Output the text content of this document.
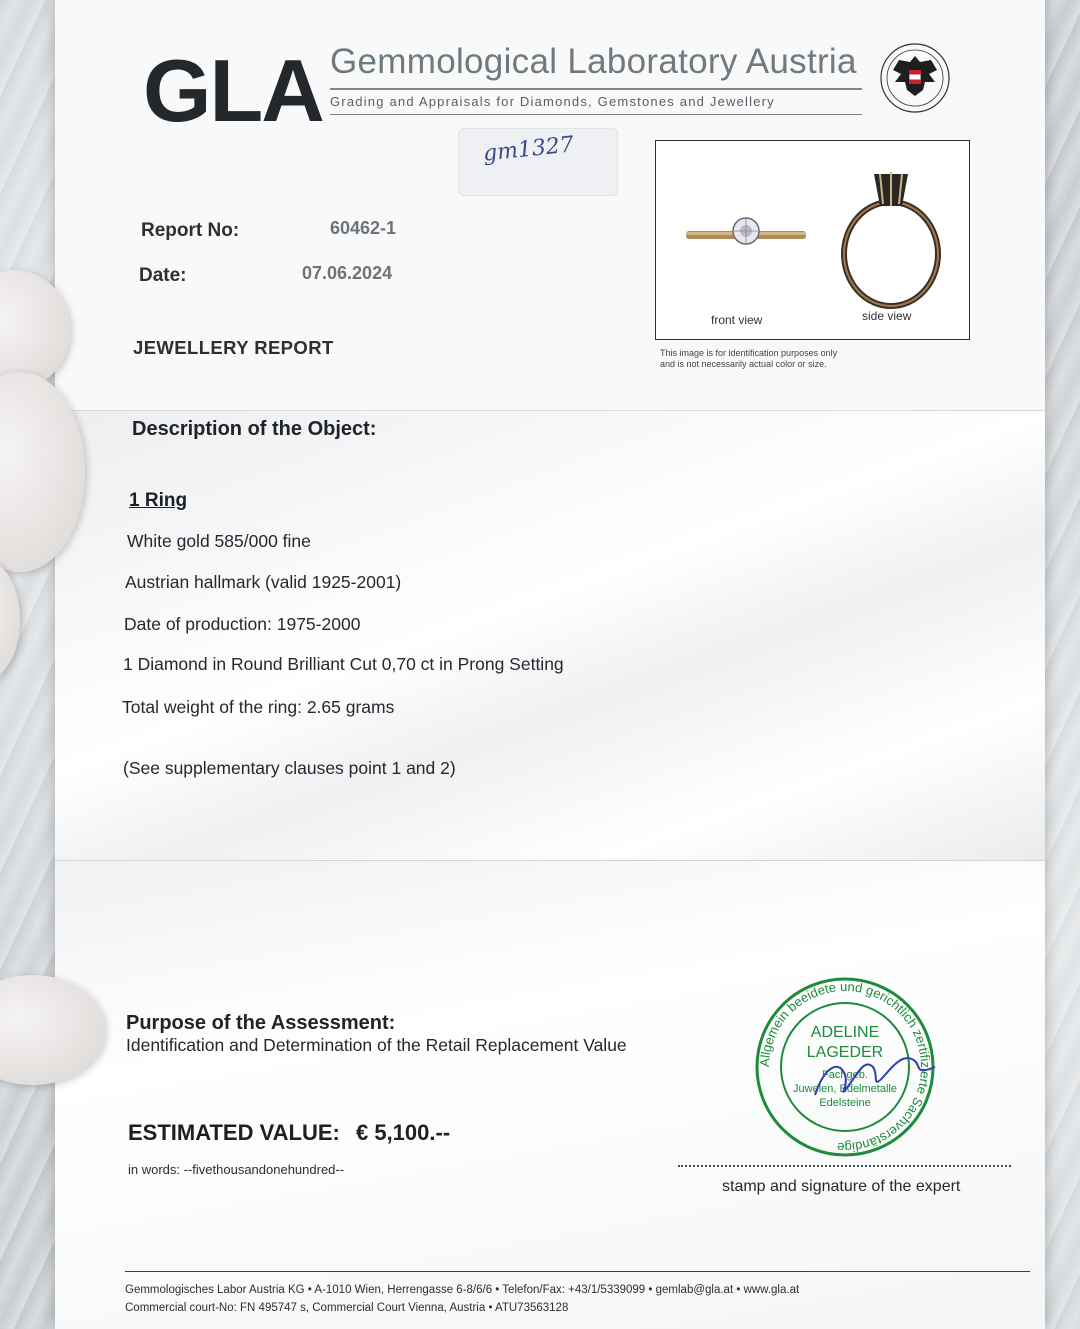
GLA Gemmological Laboratory Austria
Grading and Appraisals for Diamonds, Gemstones and Jewellery
gm1327
Report No:	60462-1
Date:	07.06.2024
JEWELLERY REPORT
front view	side view
This image is for identification purposes only
and is not necessarily actual color or size.
Description of the Object:
1 Ring
White gold 585/000 fine
Austrian hallmark (valid 1925-2001)
Date of production: 1975-2000
1 Diamond in Round Brilliant Cut 0,70 ct in Prong Setting
Total weight of the ring: 2.65 grams
(See supplementary clauses point 1 and 2)
Purpose of the Assessment:
Identification and Determination of the Retail Replacement Value
ESTIMATED VALUE: € 5,100.--
in words: --fivethousandonehundred--
stamp and signature of the expert
Allgemein beeidete und gerichtlich zertifizierte Sachverständige
ADELINE
LAGEDER
Fachgeb.
Juwelen, Edelmetalle
Edelsteine
Gemmologisches Labor Austria KG • A-1010 Wien, Herrengasse 6-8/6/6 • Telefon/Fax: +43/1/5339099 • gemlab@gla.at • www.gla.at
Commercial court-No: FN 495747 s, Commercial Court Vienna, Austria • ATU73563128
